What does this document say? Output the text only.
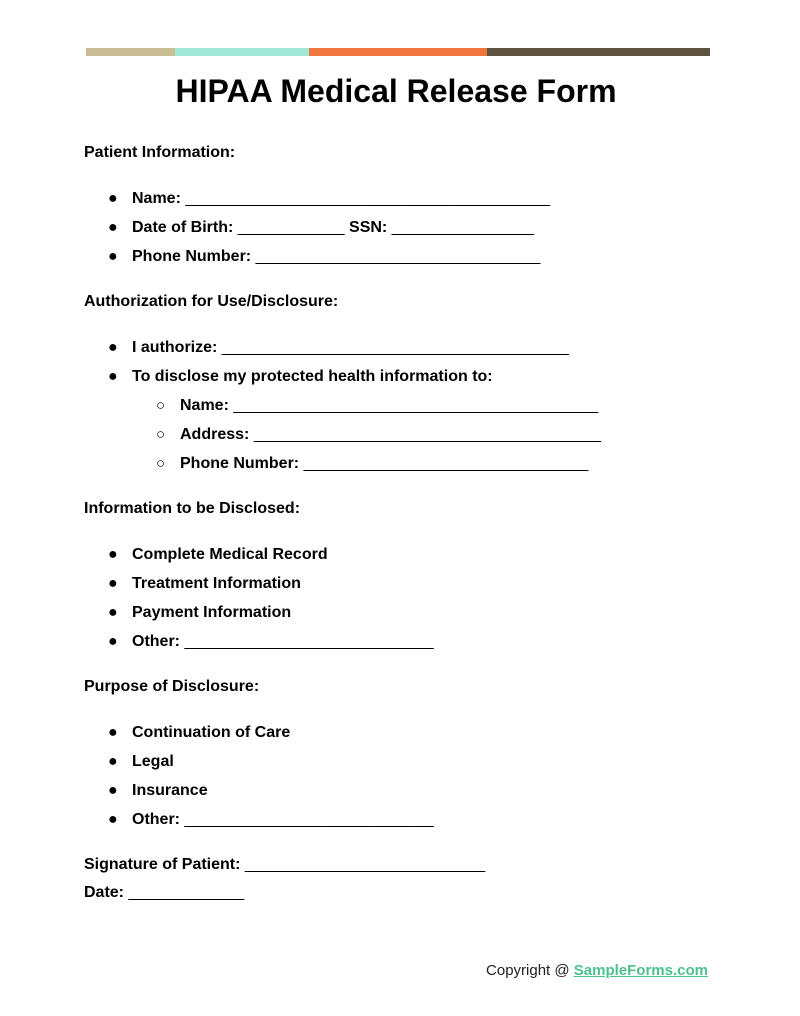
HIPAA Medical Release Form
Patient Information:
● Name: _________________________________________
● Date of Birth: ____________ SSN: ________________
● Phone Number: ________________________________
Authorization for Use/Disclosure:
● I authorize: _______________________________________
● To disclose my protected health information to:
○ Name: _________________________________________
○ Address: _______________________________________
○ Phone Number: ________________________________
Information to be Disclosed:
● Complete Medical Record
● Treatment Information
● Payment Information
● Other: ____________________________
Purpose of Disclosure:
● Continuation of Care
● Legal
● Insurance
● Other: ____________________________
Signature of Patient: ___________________________
Date: _____________
Copyright @ SampleForms.com
